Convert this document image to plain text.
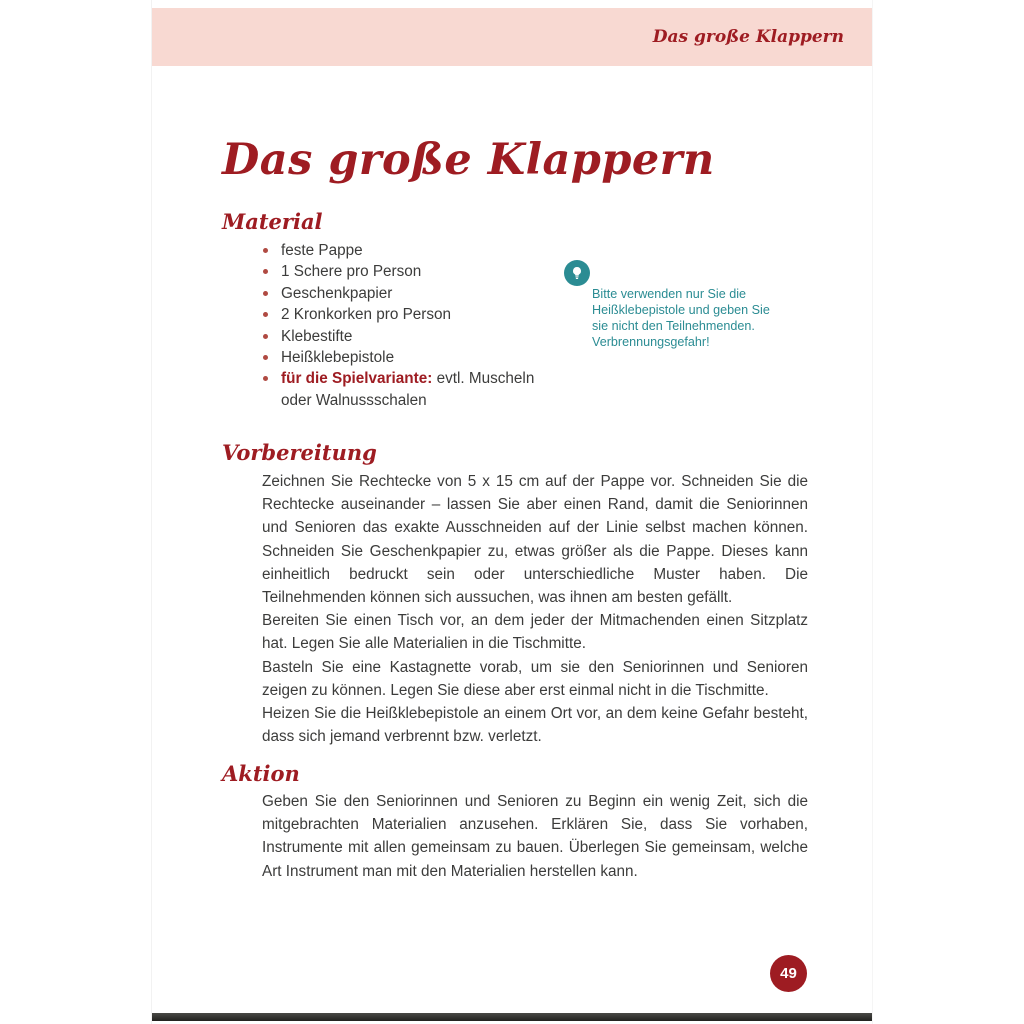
Das große Klappern
Das große Klappern
Material
feste Pappe
1 Schere pro Person
Geschenkpapier
2 Kronkorken pro Person
Klebestifte
Heißklebepistole
für die Spielvariante: evtl. Muscheln oder Walnussschalen
Bitte verwenden nur Sie die Heißklebepistole und geben Sie sie nicht den Teilnehmenden. Verbrennungsgefahr!
Vorbereitung

Zeichnen Sie Rechtecke von 5 x 15 cm auf der Pappe vor. Schneiden Sie die Rechtecke auseinander – lassen Sie aber einen Rand, damit die Seniorinnen und Senioren das exakte Ausschneiden auf der Linie selbst machen können. Schneiden Sie Geschenkpapier zu, etwas größer als die Pappe. Dieses kann einheitlich bedruckt sein oder unterschiedliche Muster haben. Die Teilnehmenden können sich aussuchen, was ihnen am besten gefällt.

Bereiten Sie einen Tisch vor, an dem jeder der Mitmachenden einen Sitzplatz hat. Legen Sie alle Materialien in die Tischmitte.

Basteln Sie eine Kastagnette vorab, um sie den Seniorinnen und Senioren zeigen zu können. Legen Sie diese aber erst einmal nicht in die Tischmitte.

Heizen Sie die Heißklebepistole an einem Ort vor, an dem keine Gefahr besteht, dass sich jemand verbrennt bzw. verletzt.

Aktion

Geben Sie den Seniorinnen und Senioren zu Beginn ein wenig Zeit, sich die mitgebrachten Materialien anzusehen. Erklären Sie, dass Sie vorhaben, Instrumente mit allen gemeinsam zu bauen. Überlegen Sie gemeinsam, welche Art Instrument man mit den Materialien herstellen kann.

49
